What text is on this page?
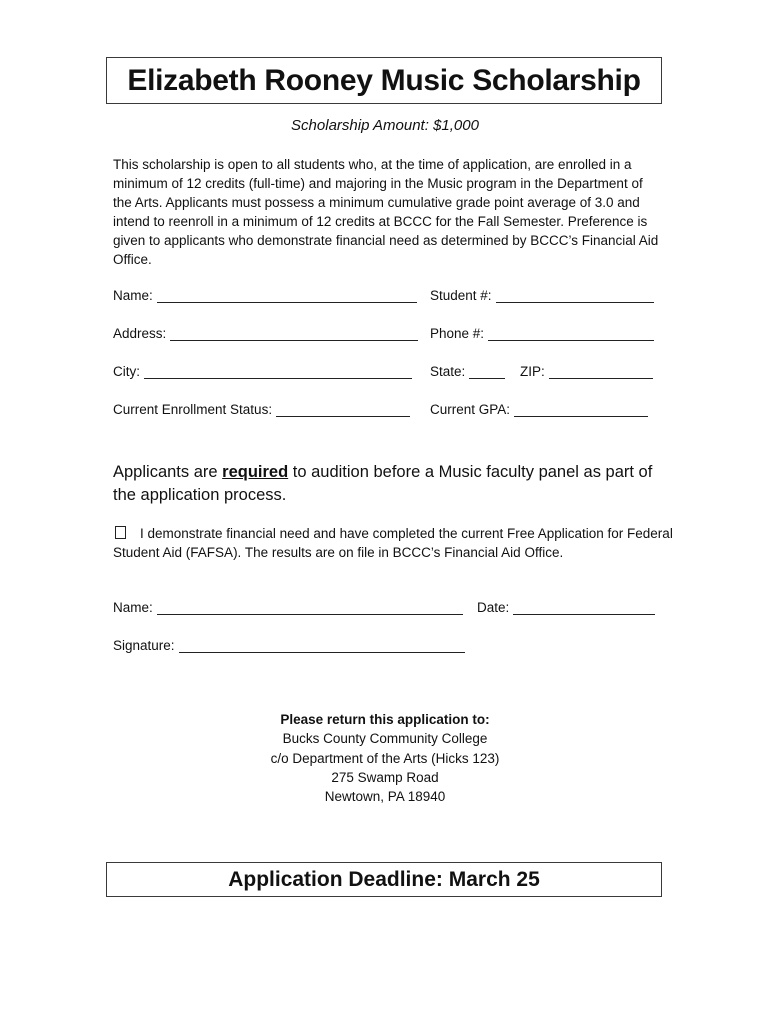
Elizabeth Rooney Music Scholarship
Scholarship Amount: $1,000
This scholarship is open to all students who, at the time of application, are enrolled in a minimum of 12 credits (full-time) and majoring in the Music program in the Department of the Arts. Applicants must possess a minimum cumulative grade point average of 3.0 and intend to reenroll in a minimum of 12 credits at BCCC for the Fall Semester. Preference is given to applicants who demonstrate financial need as determined by BCCC’s Financial Aid Office.
Name:	Student #:
Address:	Phone #:
City:	State:	ZIP:
Current Enrollment Status:	Current GPA:
Applicants are required to audition before a Music faculty panel as part of the application process.
I demonstrate financial need and have completed the current Free Application for Federal Student Aid (FAFSA). The results are on file in BCCC’s Financial Aid Office.
Name:	Date:
Signature:
Please return this application to:
Bucks County Community College
c/o Department of the Arts (Hicks 123)
275 Swamp Road
Newtown, PA 18940
Application Deadline: March 25
